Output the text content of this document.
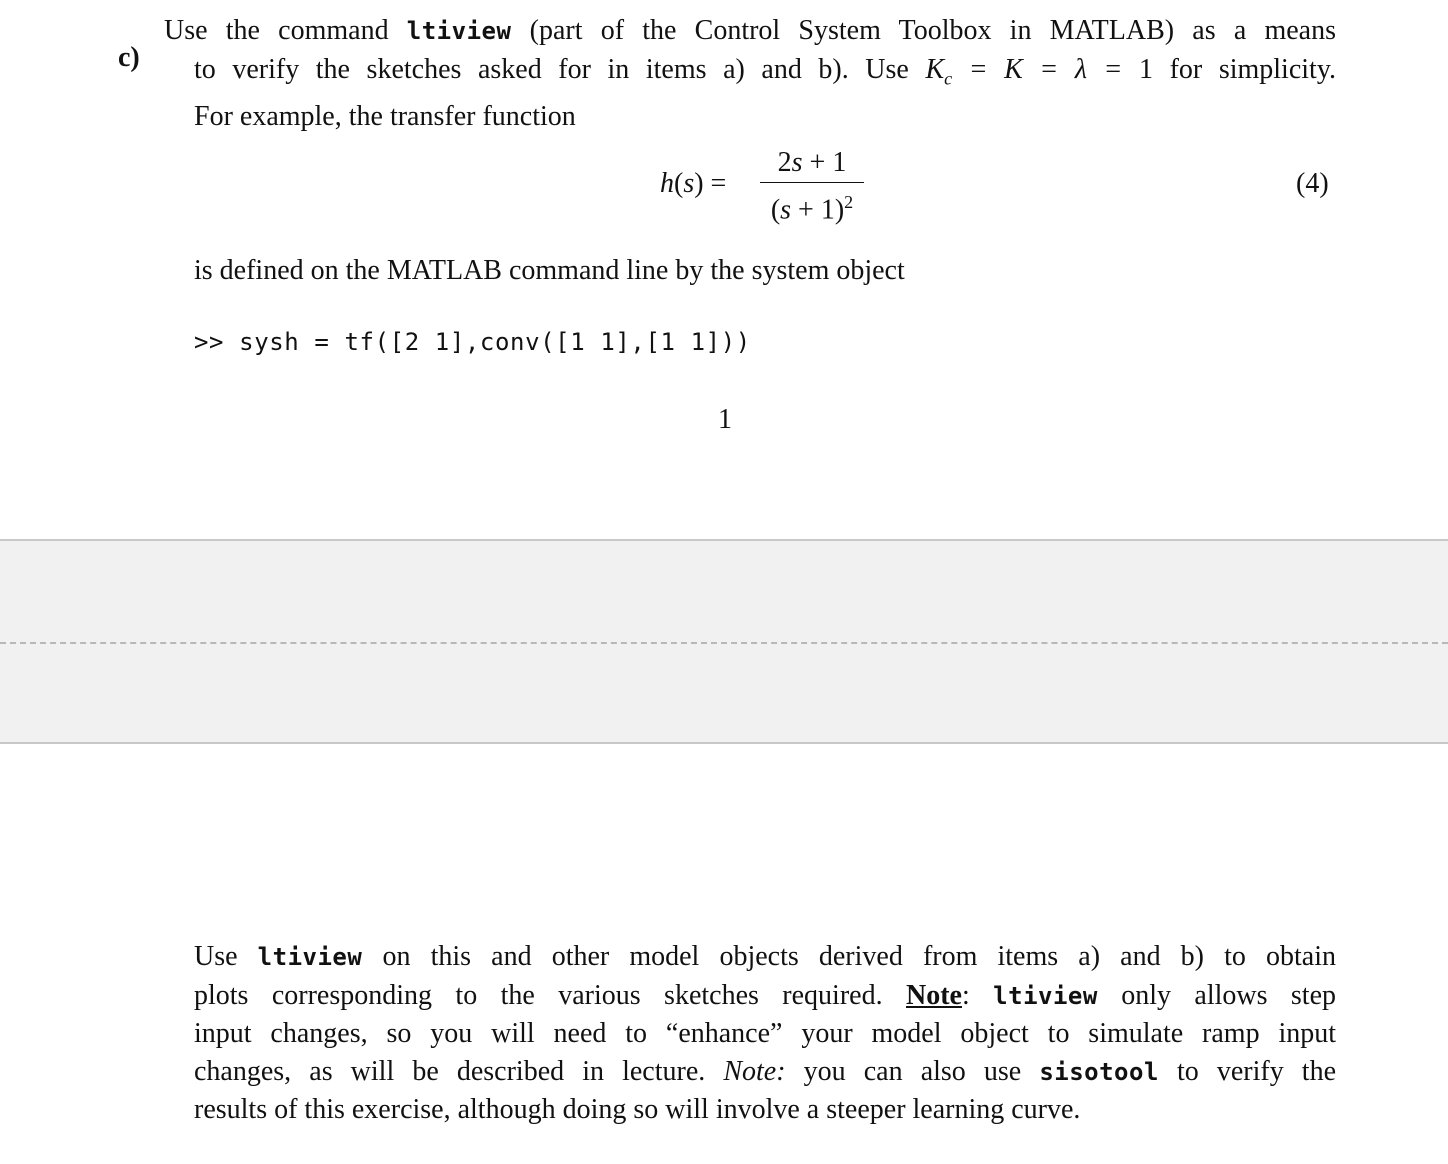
c)
Use the command ltiview (part of the Control System Toolbox in MATLAB) as a means
to verify the sketches asked for in items a) and b). Use $K_c = K = \lambda = 1$ for simplicity.
For example, the transfer function
h(s) =
2s + 1
$(s + 1)^2$
(4)
is defined on the MATLAB command line by the system object
>> sysh = tf([2 1],conv([1 1],[1 1]))
1
Use ltiview on this and other model objects derived from items a) and b) to obtain
plots corresponding to the various sketches required. Note: ltiview only allows step
input changes, so you will need to “enhance” your model object to simulate ramp input
changes, as will be described in lecture. Note: you can also use sisotool to verify the
results of this exercise, although doing so will involve a steeper learning curve.
